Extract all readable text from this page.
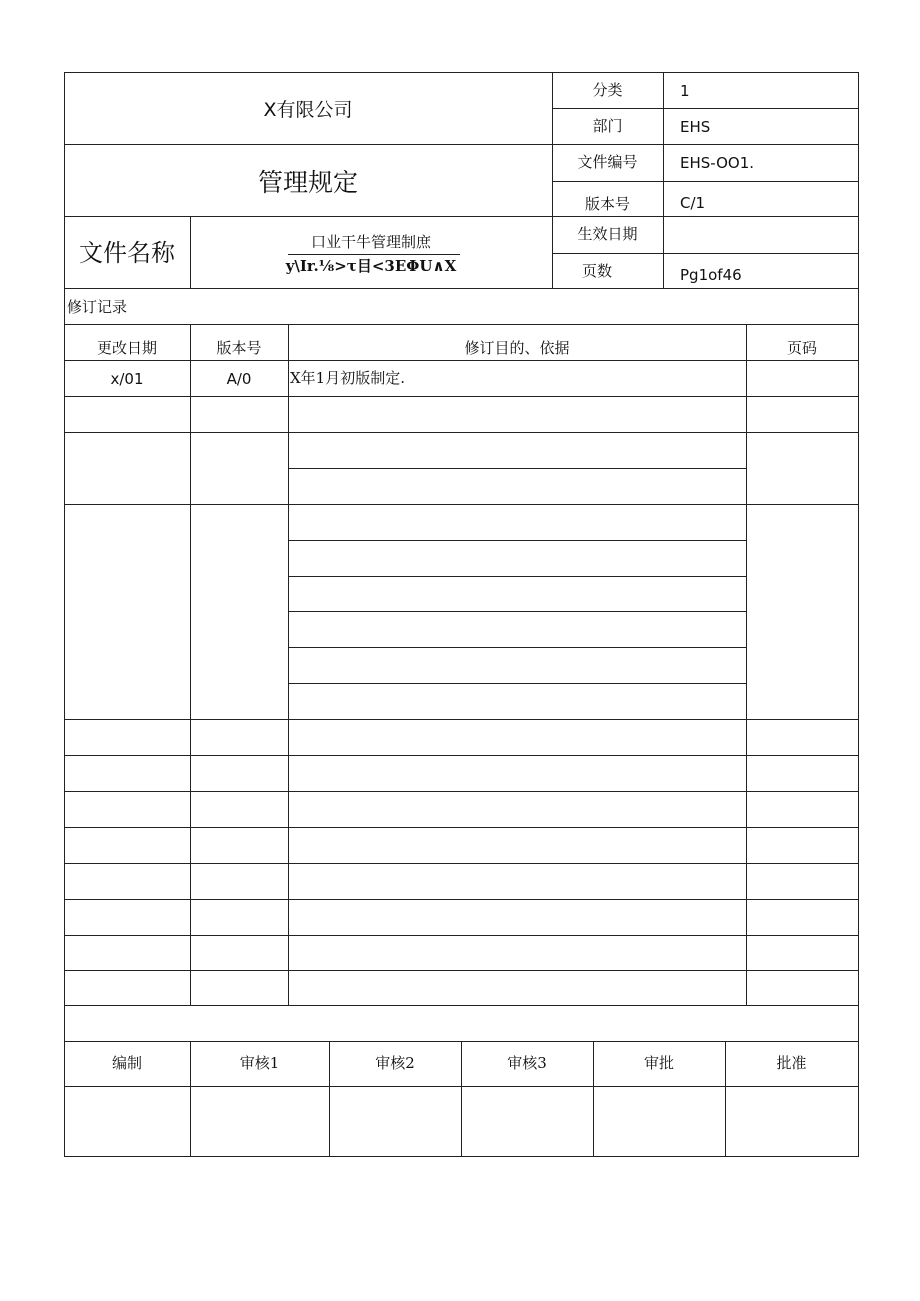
X有限公司
管理规定
文件名称	口业干牛管理制庶
y\Ir.⅛>τ目<3EΦU∧X
分类	1
部门	EHS
文件编号	EHS-OO1.
版本号	C/1
生效日期
页数	Pg1of46
修订记录
更改日期	版本号	修订目的、依据	页码
x/01	A/0	X年1月初版制定.
编制	审核1	审核2	审核3	审批	批准
